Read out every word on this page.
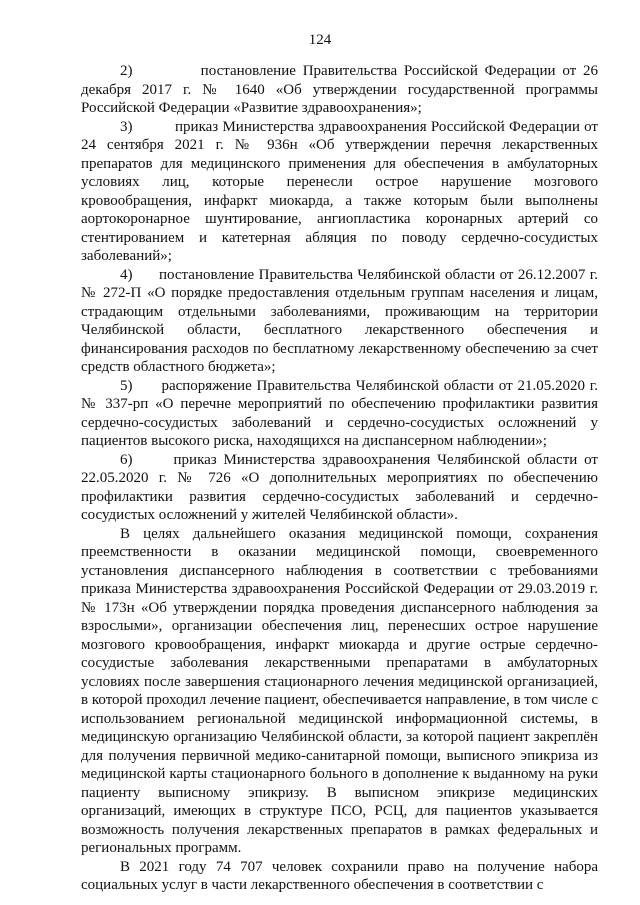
124

2)          постановление Правительства Российской Федерации от 26 декабря 2017 г. № 1640 «Об утверждении государственной программы Российской Федерации «Развитие здравоохранения»;

3)          приказ Министерства здравоохранения Российской Федерации от 24 сентября 2021 г. № 936н «Об утверждении перечня лекарственных препаратов для медицинского применения для обеспечения в амбулаторных условиях лиц, которые перенесли острое нарушение мозгового кровообращения, инфаркт миокарда, а также которым были выполнены аортокоронарное шунтирование, ангиопластика коронарных артерий со стентированием и катетерная абляция по поводу сердечно-сосудистых заболеваний»;

4)      постановление Правительства Челябинской области от 26.12.2007 г. № 272-П «О порядке предоставления отдельным группам населения и лицам, страдающим отдельными заболеваниями, проживающим на территории Челябинской области, бесплатного лекарственного обеспечения и финансирования расходов по бесплатному лекарственному обеспечению за счет средств областного бюджета»;

5)      распоряжение Правительства Челябинской области от 21.05.2020 г. № 337-рп «О перечне мероприятий по обеспечению профилактики развития сердечно-сосудистых заболеваний и сердечно-сосудистых осложнений у пациентов высокого риска, находящихся на диспансерном наблюдении»;

6)      приказ Министерства здравоохранения Челябинской области от 22.05.2020 г. № 726 «О дополнительных мероприятиях по обеспечению профилактики развития сердечно-сосудистых заболеваний и сердечно-сосудистых осложнений у жителей Челябинской области».

В целях дальнейшего оказания медицинской помощи, сохранения преемственности в оказании медицинской помощи, своевременного установления диспансерного наблюдения в соответствии с требованиями приказа Министерства здравоохранения Российской Федерации от 29.03.2019 г. № 173н «Об утверждении порядка проведения диспансерного наблюдения за взрослыми», организации обеспечения лиц, перенесших острое нарушение мозгового кровообращения, инфаркт миокарда и другие острые сердечно-сосудистые заболевания лекарственными препаратами в амбулаторных условиях после завершения стационарного лечения медицинской организацией, в которой проходил лечение пациент, обеспечивается направление, в том числе с использованием региональной медицинской информационной системы, в медицинскую организацию Челябинской области, за которой пациент закреплён для получения первичной медико-санитарной помощи, выписного эпикриза из медицинской карты стационарного больного в дополнение к выданному на руки пациенту выписному эпикризу. В выписном эпикризе медицинских организаций, имеющих в структуре ПСО, РСЦ, для пациентов указывается возможность получения лекарственных препаратов в рамках федеральных и региональных программ.

В 2021 году 74 707 человек сохранили право на получение набора социальных услуг в части лекарственного обеспечения в соответствии с
